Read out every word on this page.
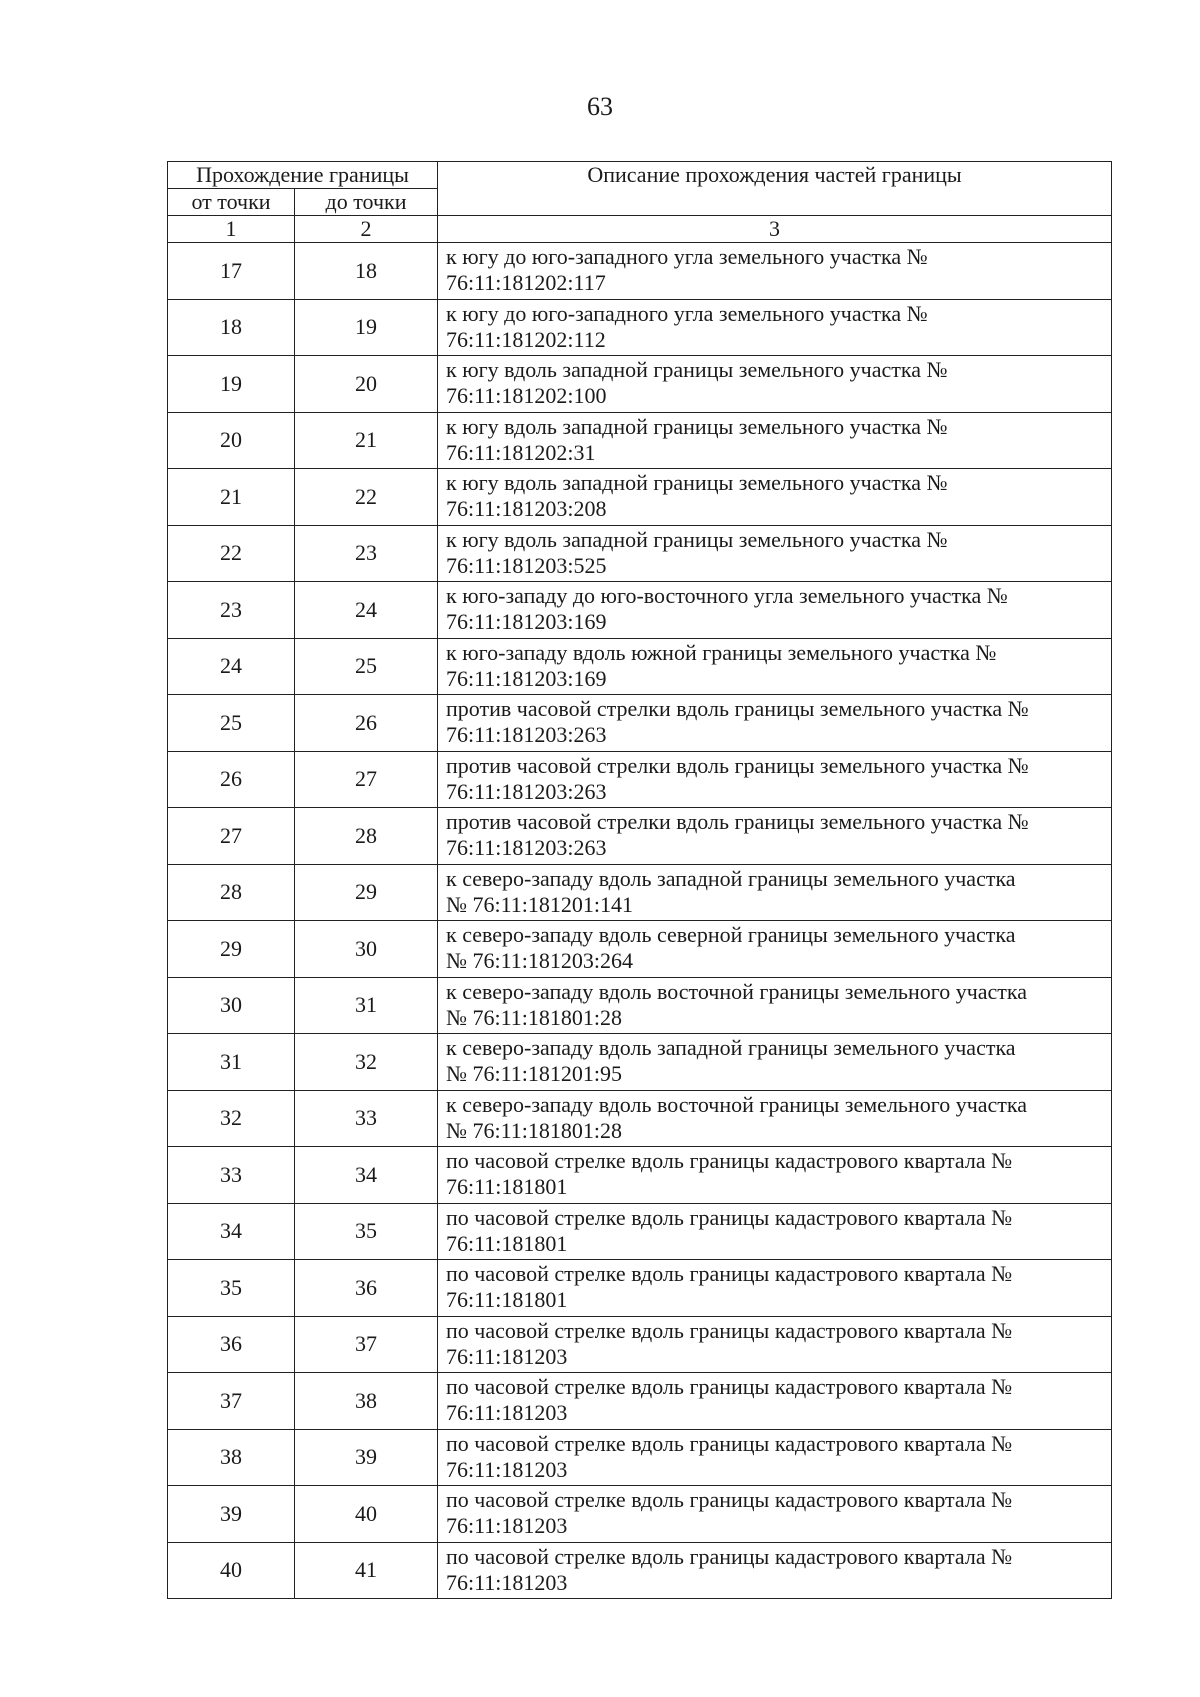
63
Прохождение границы		Описание прохождения частей границы
от точки	до точки	
1	2	3
17	18	к югу до юго-западного угла земельного участка №
76:11:181202:117

18	19	к югу до юго-западного угла земельного участка №
76:11:181202:112

19	20	к югу вдоль западной границы земельного участка №
76:11:181202:100

20	21	к югу вдоль западной границы земельного участка №
76:11:181202:31

21	22	к югу вдоль западной границы земельного участка №
76:11:181203:208

22	23	к югу вдоль западной границы земельного участка №
76:11:181203:525

23	24	к юго-западу до юго-восточного угла земельного участка №
76:11:181203:169

24	25	к юго-западу вдоль южной границы земельного участка №
76:11:181203:169

25	26	против часовой стрелки вдоль границы земельного участка №
76:11:181203:263

26	27	против часовой стрелки вдоль границы земельного участка №
76:11:181203:263

27	28	против часовой стрелки вдоль границы земельного участка №
76:11:181203:263

28	29	к северо-западу вдоль западной границы земельного участка
№ 76:11:181201:141

29	30	к северо-западу вдоль северной границы земельного участка
№ 76:11:181203:264

30	31	к северо-западу вдоль восточной границы земельного участка
№ 76:11:181801:28

31	32	к северо-западу вдоль западной границы земельного участка
№ 76:11:181201:95

32	33	к северо-западу вдоль восточной границы земельного участка
№ 76:11:181801:28

33	34	по часовой стрелке вдоль границы кадастрового квартала №
76:11:181801

34	35	по часовой стрелке вдоль границы кадастрового квартала №
76:11:181801

35	36	по часовой стрелке вдоль границы кадастрового квартала №
76:11:181801

36	37	по часовой стрелке вдоль границы кадастрового квартала №
76:11:181203

37	38	по часовой стрелке вдоль границы кадастрового квартала №
76:11:181203

38	39	по часовой стрелке вдоль границы кадастрового квартала №
76:11:181203

39	40	по часовой стрелке вдоль границы кадастрового квартала №
76:11:181203

40	41	по часовой стрелке вдоль границы кадастрового квартала №
76:11:181203
